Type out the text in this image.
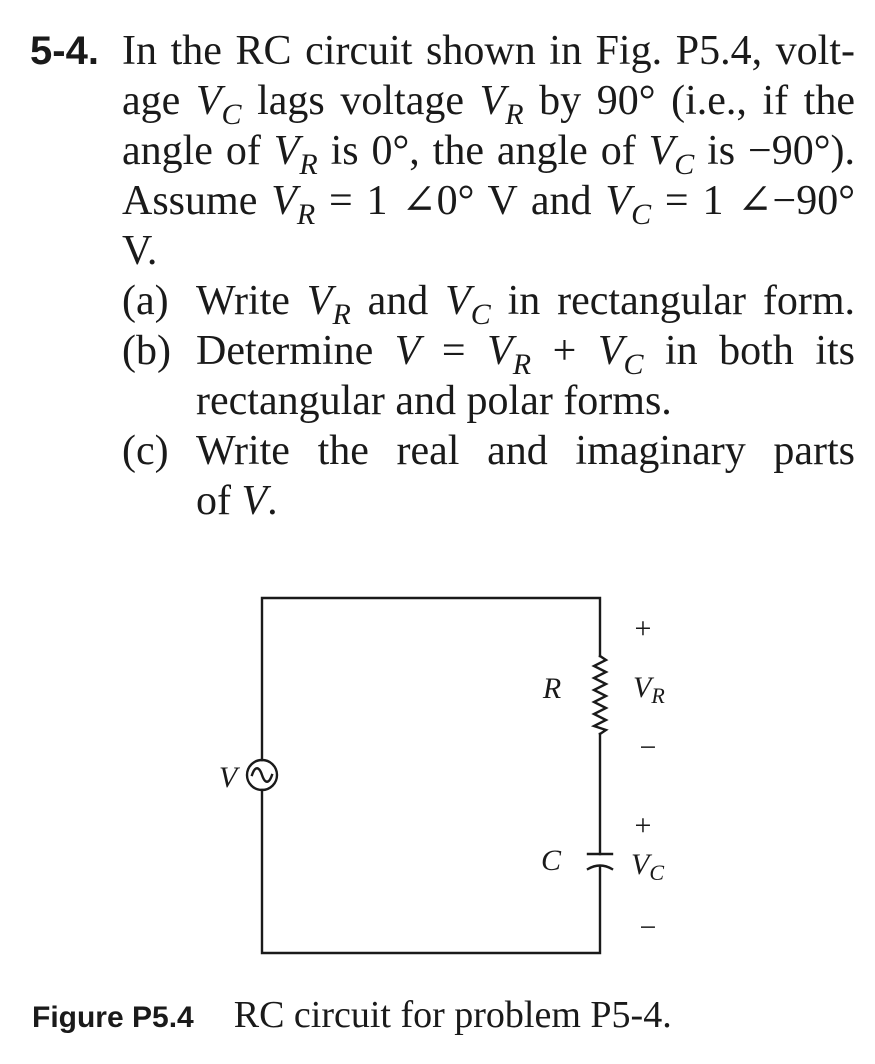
5-4. In the RC circuit shown in Fig. P5.4, volt-
age $V_C$ lags voltage $V_R$ by 90° (i.e., if the
angle of $V_R$ is 0°, the angle of $V_C$ is −90°).
Assume $V_R = 1$ ∠0° V and $V_C = 1$ ∠−90°
V.
(a) Write $V_R$ and $V_C$ in rectangular form.
(b) Determine $V = V_R + V_C$ in both its
rectangular and polar forms.
(c) Write the real and imaginary parts
of V.
V
R
C
+
$V_R$
−
+
$V_C$
−
Figure P5.4 RC circuit for problem P5-4.
